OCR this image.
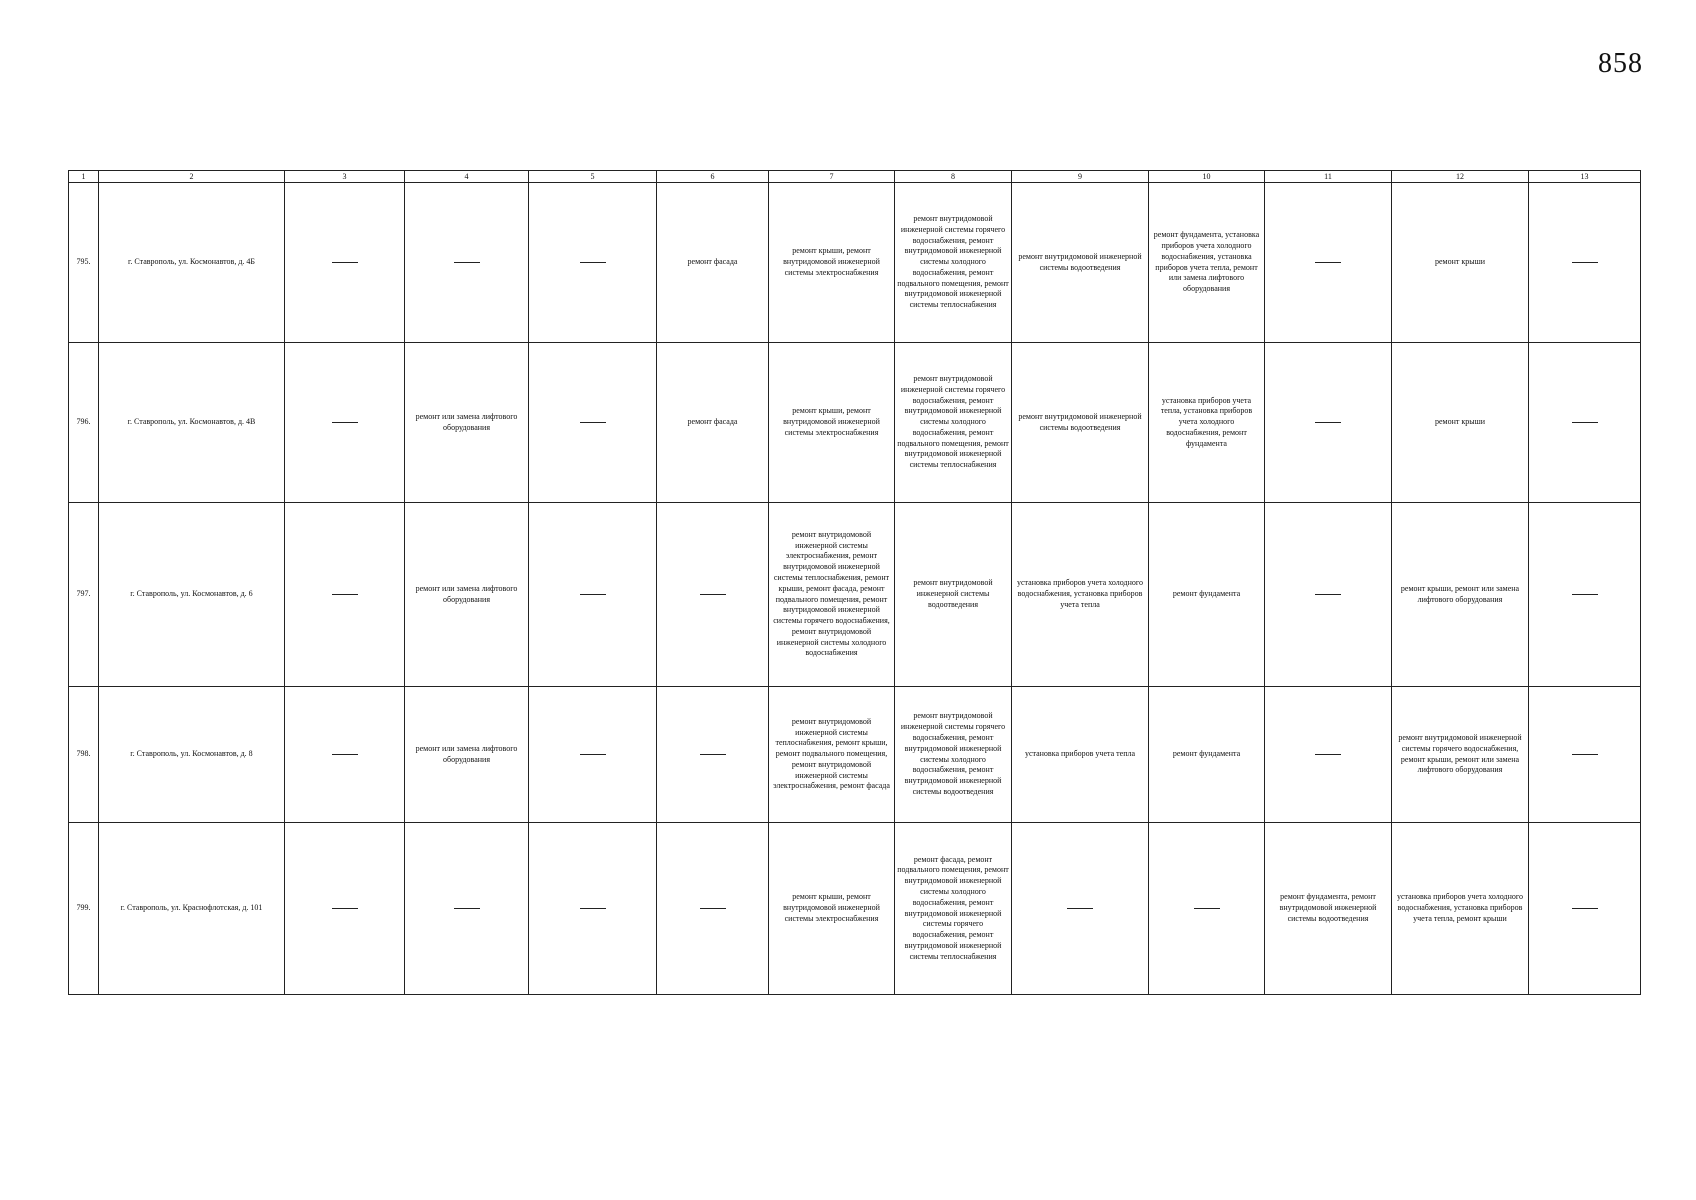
858
1	2	3	4	5	6	7	8	9	10	11	12	13
795.	г. Ставрополь, ул. Космонавтов, д. 4Б				ремонт фасада	ремонт крыши, ремонт внутридомовой инженерной системы электроснабжения	ремонт внутридомовой инженерной системы горячего водоснабжения, ремонт внутридомовой инженерной системы холодного водоснабжения, ремонт подвального помещения, ремонт внутридомовой инженерной системы теплоснабжения	ремонт внутридомовой инженерной системы водоотведения	ремонт фундамента, установка приборов учета холодного водоснабжения, установка приборов учета тепла, ремонт или замена лифтового оборудования		ремонт крыши	
796.	г. Ставрополь, ул. Космонавтов, д. 4В		ремонт или замена лифтового оборудования		ремонт фасада	ремонт крыши, ремонт внутридомовой инженерной системы электроснабжения	ремонт внутридомовой инженерной системы горячего водоснабжения, ремонт внутридомовой инженерной системы холодного водоснабжения, ремонт подвального помещения, ремонт внутридомовой инженерной системы теплоснабжения	ремонт внутридомовой инженерной системы водоотведения	установка приборов учета тепла, установка приборов учета холодного водоснабжения, ремонт фундамента		ремонт крыши	
797.	г. Ставрополь, ул. Космонавтов, д. 6		ремонт или замена лифтового оборудования			ремонт внутридомовой инженерной системы электроснабжения, ремонт внутридомовой инженерной системы теплоснабжения, ремонт крыши, ремонт фасада, ремонт подвального помещения, ремонт внутридомовой инженерной системы горячего водоснабжения, ремонт внутридомовой инженерной системы холодного водоснабжения	ремонт внутридомовой инженерной системы водоотведения	установка приборов учета холодного водоснабжения, установка приборов учета тепла	ремонт фундамента		ремонт крыши, ремонт или замена лифтового оборудования	
798.	г. Ставрополь, ул. Космонавтов, д. 8		ремонт или замена лифтового оборудования			ремонт внутридомовой инженерной системы теплоснабжения, ремонт крыши, ремонт подвального помещения, ремонт внутридомовой инженерной системы электроснабжения, ремонт фасада	ремонт внутридомовой инженерной системы горячего водоснабжения, ремонт внутридомовой инженерной системы холодного водоснабжения, ремонт внутридомовой инженерной системы водоотведения	установка приборов учета тепла	ремонт фундамента		ремонт внутридомовой инженерной системы горячего водоснабжения, ремонт крыши, ремонт или замена лифтового оборудования	
799.	г. Ставрополь, ул. Краснофлотская, д. 101					ремонт крыши, ремонт внутридомовой инженерной системы электроснабжения	ремонт фасада, ремонт подвального помещения, ремонт внутридомовой инженерной системы холодного водоснабжения, ремонт внутридомовой инженерной системы горячего водоснабжения, ремонт внутридомовой инженерной системы теплоснабжения			ремонт фундамента, ремонт внутридомовой инженерной системы водоотведения	установка приборов учета холодного водоснабжения, установка приборов учета тепла, ремонт крыши	
